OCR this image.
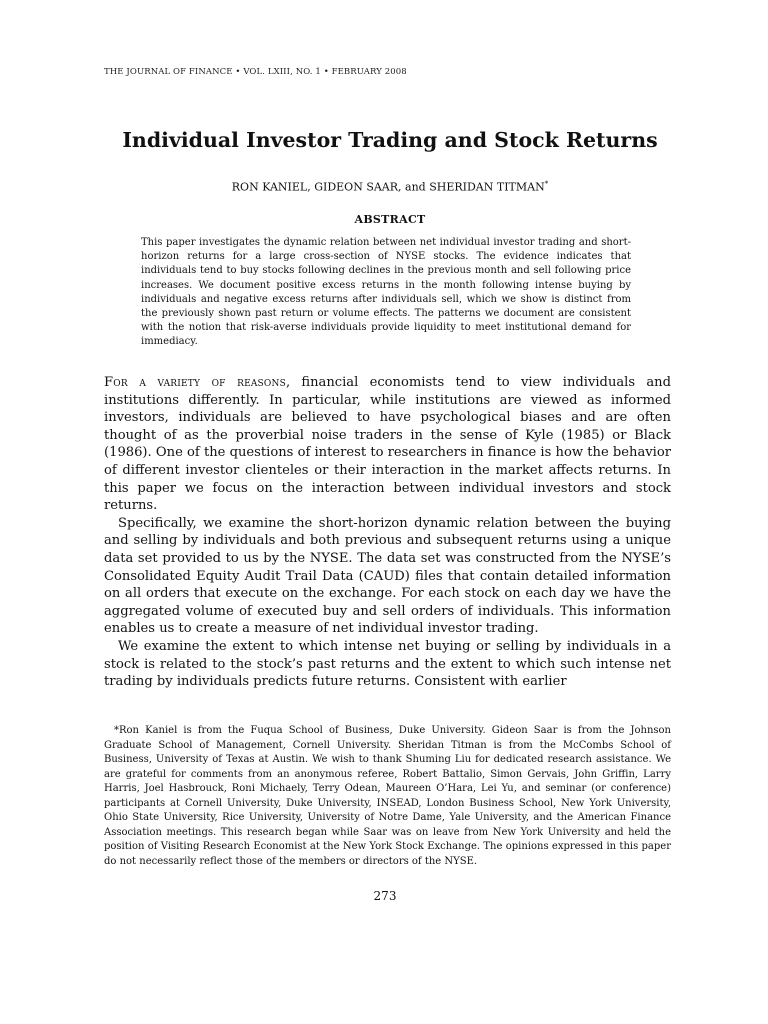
THE JOURNAL OF FINANCE • VOL. LXIII, NO. 1 • FEBRUARY 2008
Individual Investor Trading and Stock Returns
RON KANIEL, GIDEON SAAR, and SHERIDAN TITMAN*
ABSTRACT
This paper investigates the dynamic relation between net individual investor trading and short-horizon returns for a large cross-section of NYSE stocks. The evidence indicates that individuals tend to buy stocks following declines in the previous month and sell following price increases. We document positive excess returns in the month following intense buying by individuals and negative excess returns after individuals sell, which we show is distinct from the previously shown past return or volume effects. The patterns we document are consistent with the notion that risk-averse individuals provide liquidity to meet institutional demand for immediacy.

For a variety of reasons, financial economists tend to view individuals and institutions differently. In particular, while institutions are viewed as informed investors, individuals are believed to have psychological biases and are often thought of as the proverbial noise traders in the sense of Kyle (1985) or Black (1986). One of the questions of interest to researchers in finance is how the behavior of different investor clienteles or their interaction in the market affects returns. In this paper we focus on the interaction between individual investors and stock returns.

Specifically, we examine the short-horizon dynamic relation between the buying and selling by individuals and both previous and subsequent returns using a unique data set provided to us by the NYSE. The data set was constructed from the NYSE’s Consolidated Equity Audit Trail Data (CAUD) files that contain detailed information on all orders that execute on the exchange. For each stock on each day we have the aggregated volume of executed buy and sell orders of individuals. This information enables us to create a measure of net individual investor trading.

We examine the extent to which intense net buying or selling by individuals in a stock is related to the stock’s past returns and the extent to which such intense net trading by individuals predicts future returns. Consistent with earlier

*Ron Kaniel is from the Fuqua School of Business, Duke University. Gideon Saar is from the Johnson Graduate School of Management, Cornell University. Sheridan Titman is from the McCombs School of Business, University of Texas at Austin. We wish to thank Shuming Liu for dedicated research assistance. We are grateful for comments from an anonymous referee, Robert Battalio, Simon Gervais, John Griffin, Larry Harris, Joel Hasbrouck, Roni Michaely, Terry Odean, Maureen O’Hara, Lei Yu, and seminar (or conference) participants at Cornell University, Duke University, INSEAD, London Business School, New York University, Ohio State University, Rice University, University of Notre Dame, Yale University, and the American Finance Association meetings. This research began while Saar was on leave from New York University and held the position of Visiting Research Economist at the New York Stock Exchange. The opinions expressed in this paper do not necessarily reflect those of the members or directors of the NYSE.
273
